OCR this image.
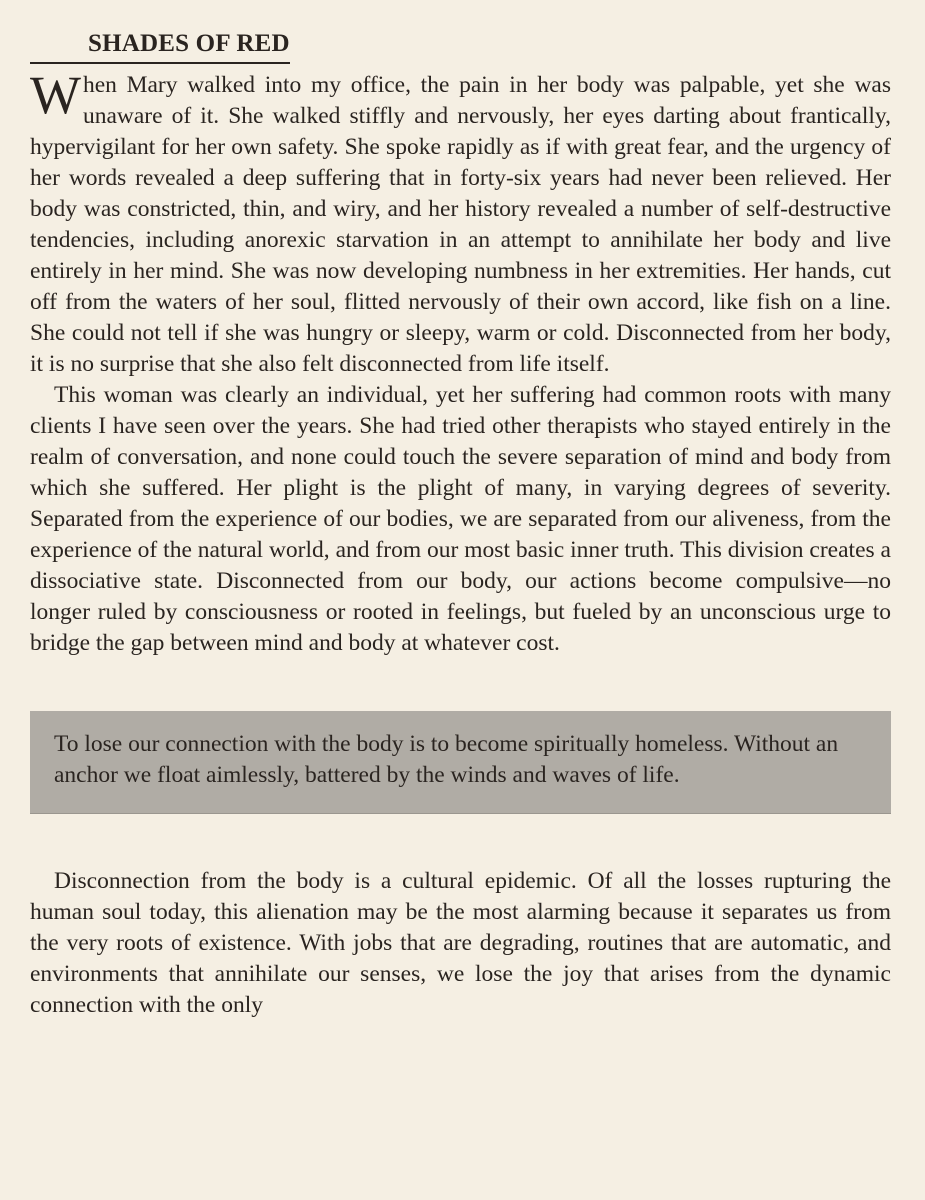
SHADES OF RED

When Mary walked into my office, the pain in her body was palpable, yet she was unaware of it. She walked stiffly and nervously, her eyes darting about frantically, hypervigilant for her own safety. She spoke rapidly as if with great fear, and the urgency of her words revealed a deep suffering that in forty-six years had never been relieved. Her body was constricted, thin, and wiry, and her history revealed a number of self-destructive tendencies, including anorexic starvation in an attempt to annihilate her body and live entirely in her mind. She was now developing numbness in her extremities. Her hands, cut off from the waters of her soul, flitted nervously of their own accord, like fish on a line. She could not tell if she was hungry or sleepy, warm or cold. Disconnected from her body, it is no surprise that she also felt disconnected from life itself.

This woman was clearly an individual, yet her suffering had common roots with many clients I have seen over the years. She had tried other therapists who stayed entirely in the realm of conversation, and none could touch the severe separation of mind and body from which she suffered. Her plight is the plight of many, in varying degrees of severity. Separated from the experience of our bodies, we are separated from our aliveness, from the experience of the natural world, and from our most basic inner truth. This division creates a dissociative state. Disconnected from our body, our actions become compulsive—no longer ruled by consciousness or rooted in feelings, but fueled by an unconscious urge to bridge the gap between mind and body at whatever cost.

To lose our connection with the body is to become spiritually homeless. Without an anchor we float aimlessly, battered by the winds and waves of life.

Disconnection from the body is a cultural epidemic. Of all the losses rupturing the human soul today, this alienation may be the most alarming because it separates us from the very roots of existence. With jobs that are degrading, routines that are automatic, and environments that annihilate our senses, we lose the joy that arises from the dynamic connection with the only
